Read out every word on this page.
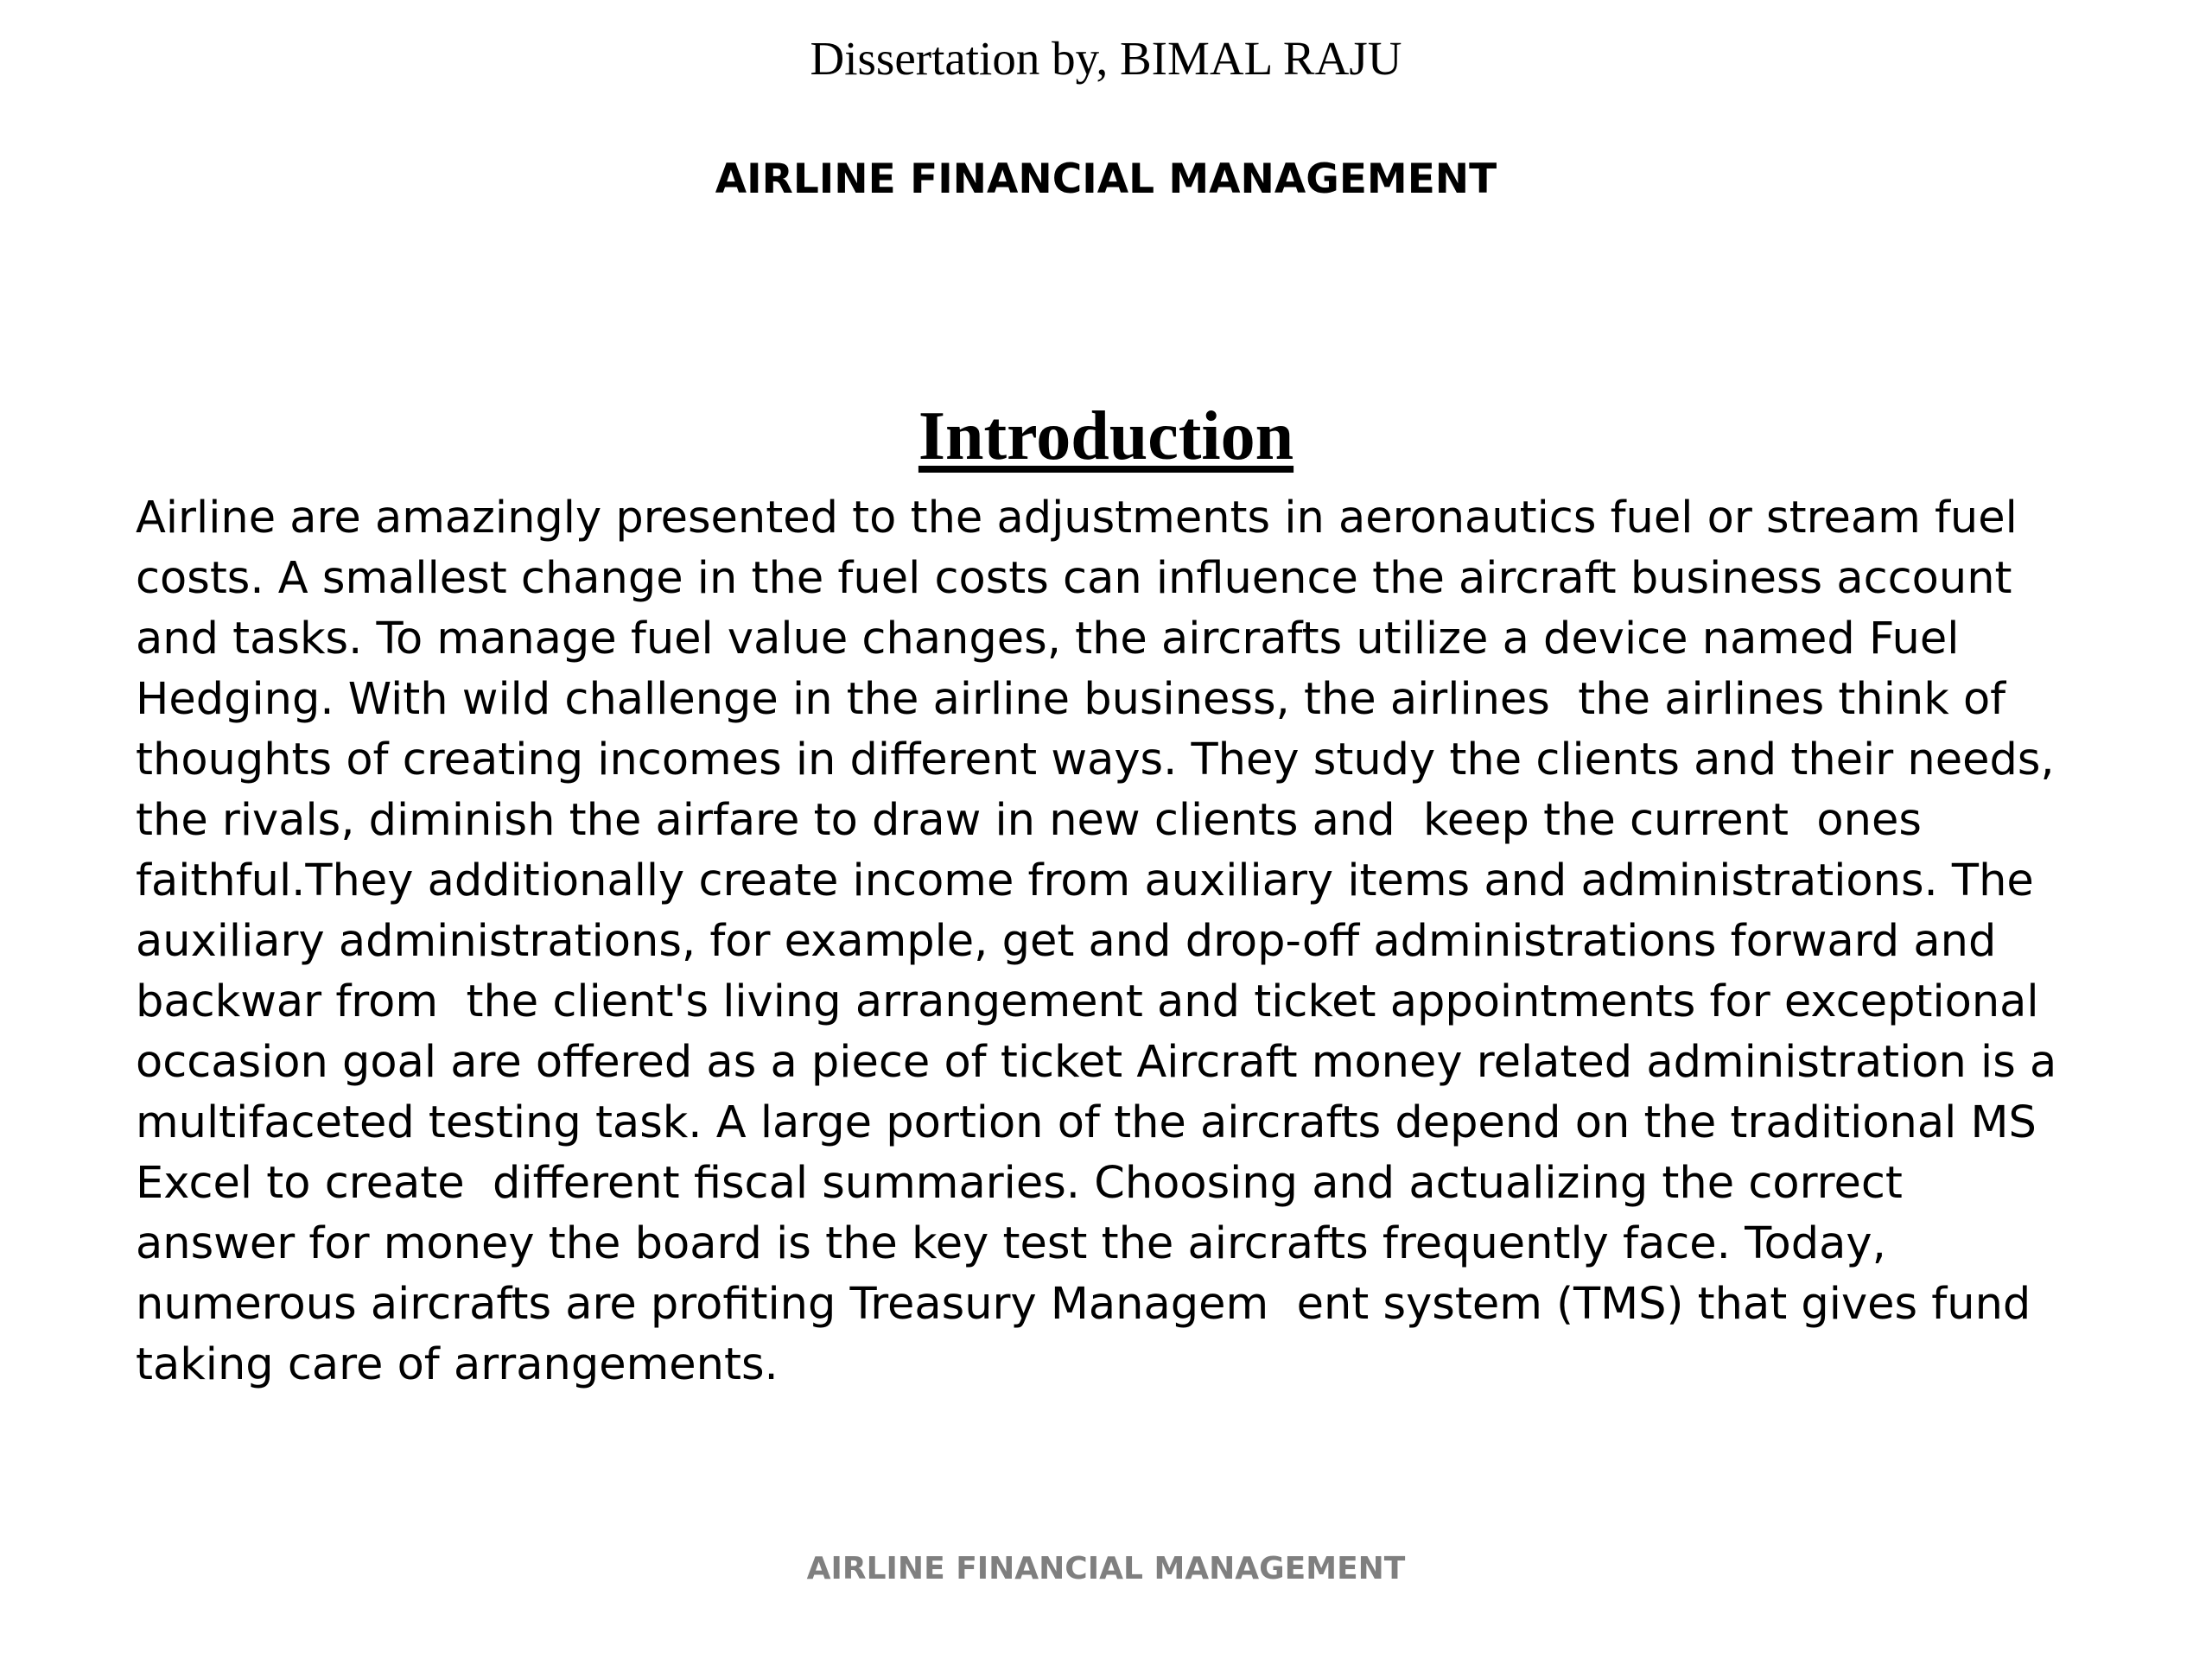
Dissertation by, BIMAL RAJU
AIRLINE FINANCIAL MANAGEMENT
Introduction

Airline are amazingly presented to the adjustments in aeronautics fuel or stream fuel
costs. A smallest change in the fuel costs can influence the aircraft business account
and tasks. To manage fuel value changes, the aircrafts utilize a device named Fuel
Hedging. With wild challenge in the airline business, the airlines  the airlines think of
thoughts of creating incomes in different ways. They study the clients and their needs,
the rivals, diminish the airfare to draw in new clients and  keep the current  ones
faithful.They additionally create income from auxiliary items and administrations. The
auxiliary administrations, for example, get and drop-off administrations forward and
backwar from  the client's living arrangement and ticket appointments for exceptional
occasion goal are offered as a piece of ticket Aircraft money related administration is a
multifaceted testing task. A large portion of the aircrafts depend on the traditional MS
Excel to create  different fiscal summaries. Choosing and actualizing the correct
answer for money the board is the key test the aircrafts frequently face. Today,
numerous aircrafts are profiting Treasury Managem  ent system (TMS) that gives fund
taking care of arrangements.

AIRLINE FINANCIAL MANAGEMENT
